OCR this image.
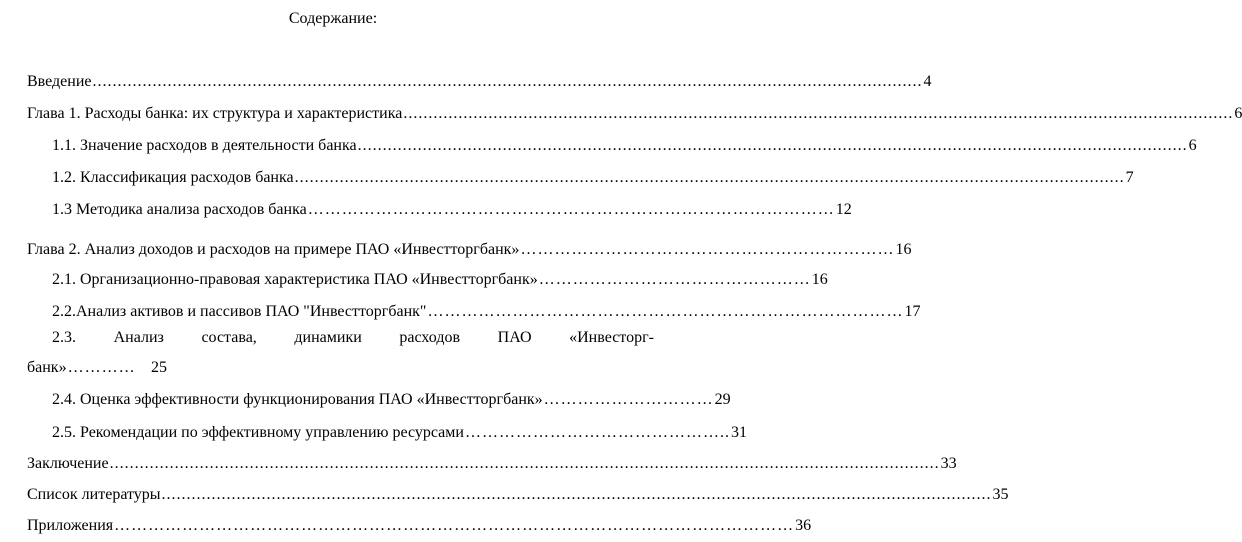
Содержание:
Введение ...................................................................................................................................................................... 4
Глава 1. Расходы банка: их структура и характеристика ...................................................................................................................................................................... 6
1.1. Значение расходов в деятельности банка ...................................................................................................................................................................... 6
1.2. Классификация расходов банка ...................................................................................................................................................................... 7
1.3 Методика анализа расходов банка ………………………………………………………………………………… 12
Глава 2. Анализ доходов и расходов на примере ПАО «Инвестторгбанк» ………………………………………………………… 16
2.1. Организационно-правовая характеристика ПАО «Инвестторгбанк» ………………………………………… 16
2.2.Анализ активов и пассивов ПАО "Инвестторгбанк" ………………………………………………………………………… 17
2.3. Анализ состава, динамики расходов ПАО «Инвесторг-
банк» ………… 25
2.4. Оценка эффективности функционирования ПАО «Инвестторгбанк» ………………………… 29
2.5. Рекомендации по эффективному управлению ресурсами ……………………………………….. 31
Заключение ...................................................................................................................................................................... 33
Список литературы ...................................................................................................................................................................... 35
Приложения ………………………………………………………………………………………………………… 36
